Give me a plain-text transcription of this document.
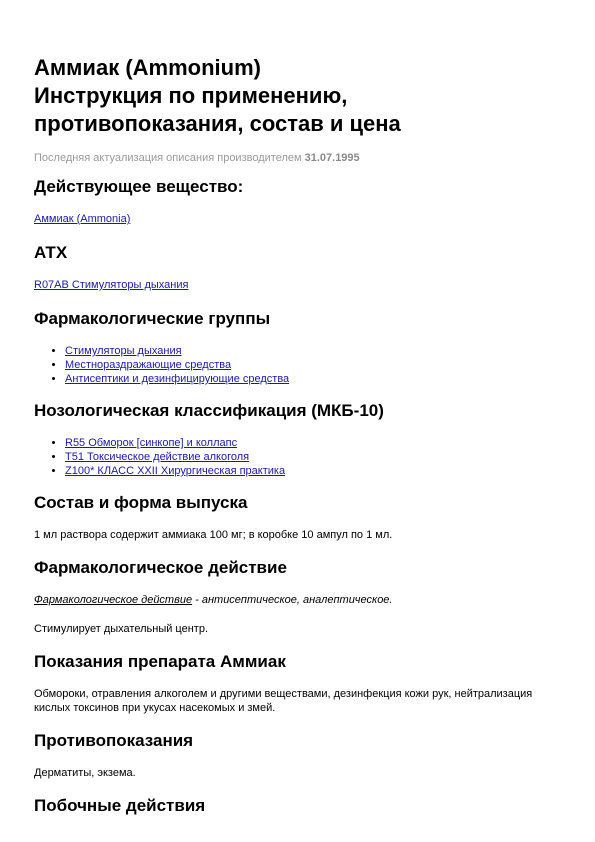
Аммиак (Ammonium)
Инструкция по применению,
противопоказания, состав и цена
Последняя актуализация описания производителем 31.07.1995
Действующее вещество:
Аммиак (Ammonia)
АТХ
R07AB Стимуляторы дыхания
Фармакологические группы
• Стимуляторы дыхания
• Местнораздражающие средства
• Антисептики и дезинфицирующие средства
Нозологическая классификация (МКБ-10)
• R55 Обморок [синкопе] и коллапс
• T51 Токсическое действие алкоголя
• Z100* КЛАСС XXII Хирургическая практика
Состав и форма выпуска

1 мл раствора содержит аммиака 100 мг; в коробке 10 ампул по 1 мл.

Фармакологическое действие

Фармакологическое действие - антисептическое, аналептическое.

Стимулирует дыхательный центр.

Показания препарата Аммиак

Обмороки, отравления алкоголем и другими веществами, дезинфекция кожи рук, нейтрализация кислых токсинов при укусах насекомых и змей.

Противопоказания

Дерматиты, экзема.

Побочные действия
